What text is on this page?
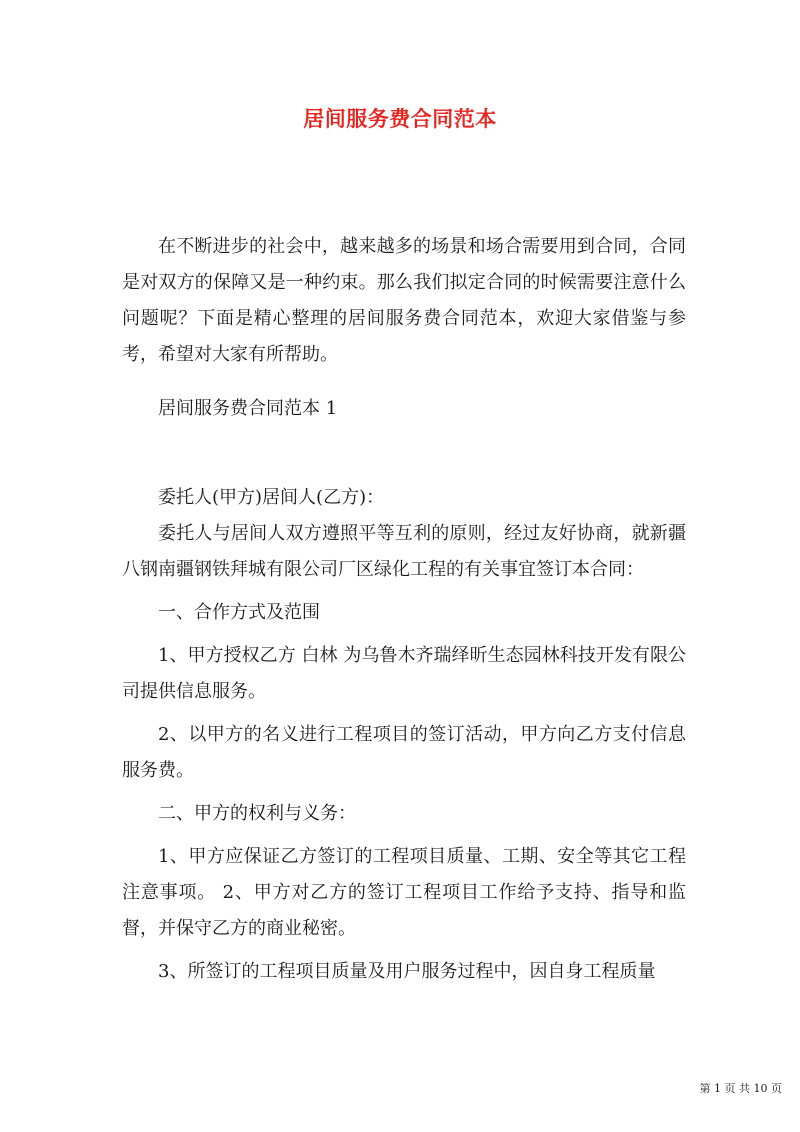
居间服务费合同范本

在不断进步的社会中，越来越多的场景和场合需要用到合同，合同是对双方的保障又是一种约束。那么我们拟定合同的时候需要注意什么问题呢？下面是精心整理的居间服务费合同范本，欢迎大家借鉴与参考，希望对大家有所帮助。

居间服务费合同范本 1

委托人(甲方)居间人(乙方)：

委托人与居间人双方遵照平等互利的原则，经过友好协商，就新疆八钢南疆钢铁拜城有限公司厂区绿化工程的有关事宜签订本合同：

一、合作方式及范围

1、甲方授权乙方 白林 为乌鲁木齐瑞绎昕生态园林科技开发有限公司提供信息服务。

2、以甲方的名义进行工程项目的签订活动，甲方向乙方支付信息服务费。

二、甲方的权利与义务：

1、甲方应保证乙方签订的工程项目质量、工期、安全等其它工程注意事项。 2、甲方对乙方的签订工程项目工作给予支持、指导和监督，并保守乙方的商业秘密。

3、所签订的工程项目质量及用户服务过程中，因自身工程质量

第 1 页 共 10 页
